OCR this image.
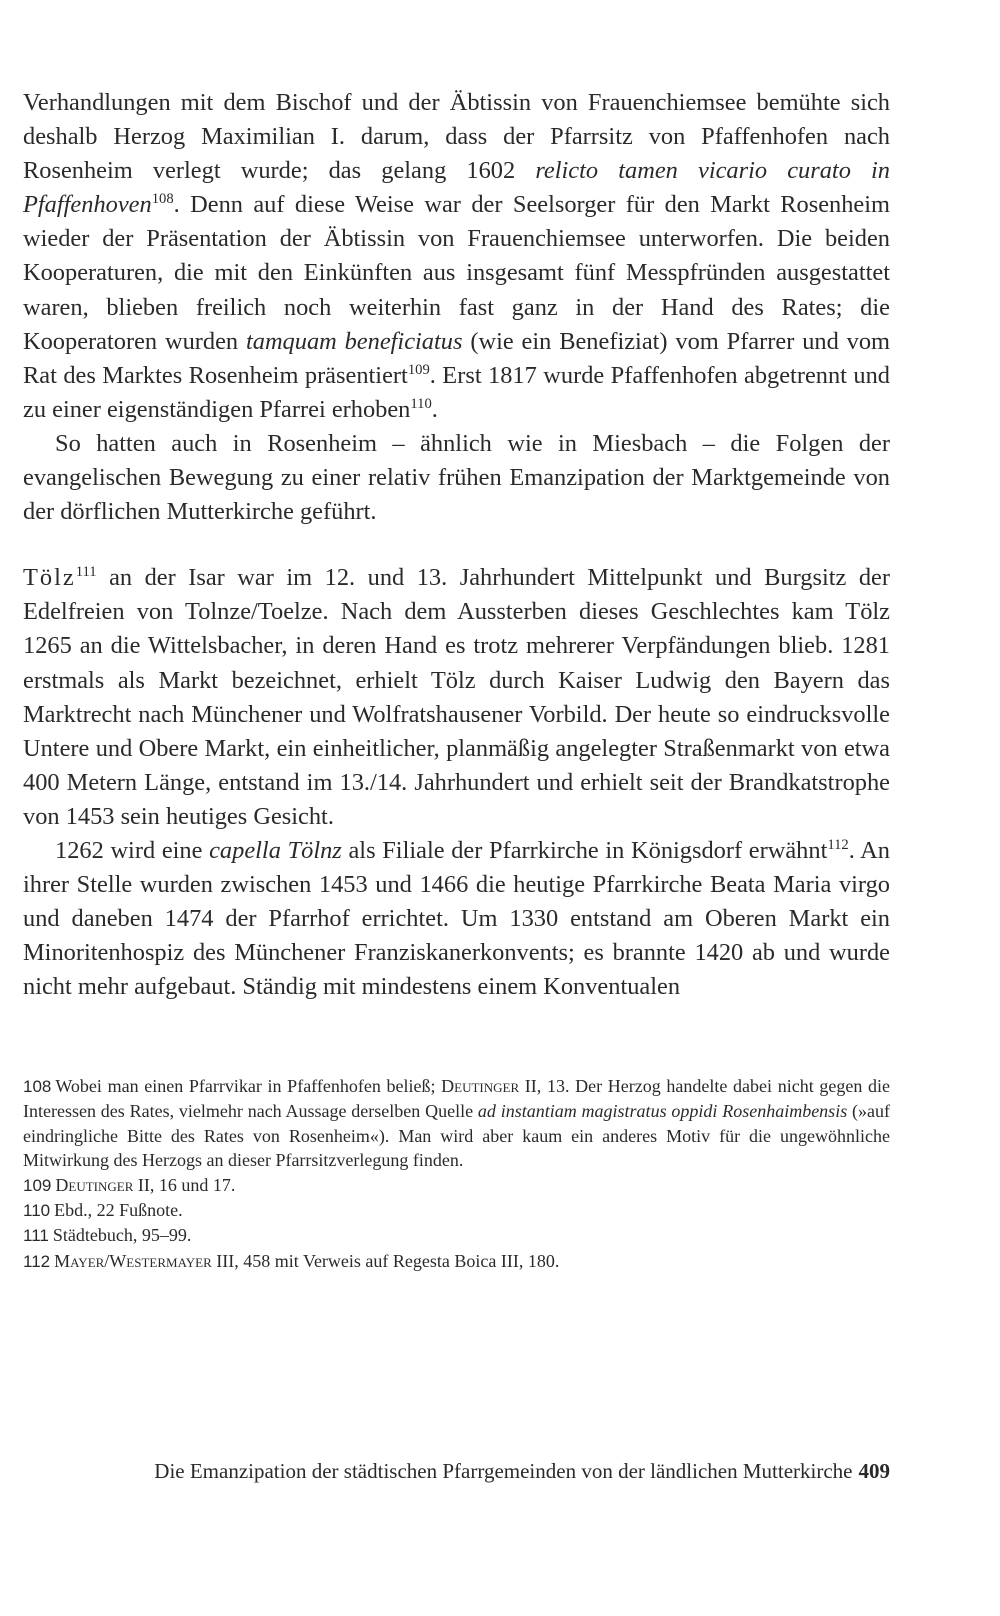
Verhandlungen mit dem Bischof und der Äbtissin von Frauenchiemsee bemühte sich deshalb Herzog Maximilian I. darum, dass der Pfarrsitz von Pfaffenhofen nach Rosenheim verlegt wurde; das gelang 1602 relicto tamen vicario curato in Pfaffenhoven$^{108}$. Denn auf diese Weise war der Seelsorger für den Markt Rosenheim wieder der Präsentation der Äbtissin von Frauenchiemsee unterworfen. Die beiden Kooperaturen, die mit den Einkünften aus insgesamt fünf Messpfründen ausgestattet waren, blieben freilich noch weiterhin fast ganz in der Hand des Rates; die Kooperatoren wurden tamquam beneficiatus (wie ein Benefiziat) vom Pfarrer und vom Rat des Marktes Rosenheim präsentiert$^{109}$. Erst 1817 wurde Pfaffenhofen abgetrennt und zu einer eigenständigen Pfarrei erhoben$^{110}$.

So hatten auch in Rosenheim – ähnlich wie in Miesbach – die Folgen der evangelischen Bewegung zu einer relativ frühen Emanzipation der Marktgemeinde von der dörflichen Mutterkirche geführt.

Tölz$^{111}$ an der Isar war im 12. und 13. Jahrhundert Mittelpunkt und Burgsitz der Edelfreien von Tolnze/Toelze. Nach dem Aussterben dieses Geschlechtes kam Tölz 1265 an die Wittelsbacher, in deren Hand es trotz mehrerer Verpfändungen blieb. 1281 erstmals als Markt bezeichnet, erhielt Tölz durch Kaiser Ludwig den Bayern das Marktrecht nach Münchener und Wolfratshausener Vorbild. Der heute so eindrucksvolle Untere und Obere Markt, ein einheitlicher, planmäßig angelegter Straßenmarkt von etwa 400 Metern Länge, entstand im 13./14. Jahrhundert und erhielt seit der Brandkatstrophe von 1453 sein heutiges Gesicht.

1262 wird eine capella Tölnz als Filiale der Pfarrkirche in Königsdorf erwähnt$^{112}$. An ihrer Stelle wurden zwischen 1453 und 1466 die heutige Pfarrkirche Beata Maria virgo und daneben 1474 der Pfarrhof errichtet. Um 1330 entstand am Oberen Markt ein Minoritenhospiz des Münchener Franziskanerkonvents; es brannte 1420 ab und wurde nicht mehr aufgebaut. Ständig mit mindestens einem Konventualen

108 Wobei man einen Pfarrvikar in Pfaffenhofen beließ; Deutinger II, 13. Der Herzog handelte dabei nicht gegen die Interessen des Rates, vielmehr nach Aussage derselben Quelle ad instantiam magistratus oppidi Rosenhaimbensis (»auf eindringliche Bitte des Rates von Rosenheim«). Man wird aber kaum ein anderes Motiv für die ungewöhnliche Mitwirkung des Herzogs an dieser Pfarrsitzverlegung finden.

109 Deutinger II, 16 und 17.

110 Ebd., 22 Fußnote.

111 Städtebuch, 95–99.

112 Mayer/Westermayer III, 458 mit Verweis auf Regesta Boica III, 180.

Die Emanzipation der städtischen Pfarrgemeinden von der ländlichen Mutterkirche 409
